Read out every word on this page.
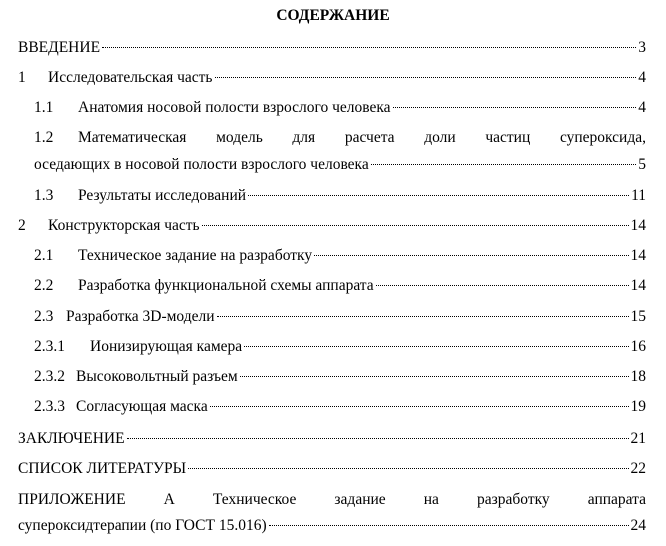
СОДЕРЖАНИЕ
ВВЕДЕНИЕ	3
1	Исследовательская часть	4
1.1	Анатомия носовой полости взрослого человека	4
1.2 Математическая модель для расчета доли частиц супероксида,
оседающих в носовой полости взрослого человека	5
1.3	Результаты исследований	11
2	Конструкторская часть	14
2.1	Техническое задание на разработку	14
2.2	Разработка функциональной схемы аппарата	14
2.3 Разработка 3D-модели	15
2.3.1	Ионизирующая камера	16
2.3.2 Высоковольтный разъем	18
2.3.3 Согласующая маска	19
ЗАКЛЮЧЕНИЕ	21
СПИСОК ЛИТЕРАТУРЫ	22
ПРИЛОЖЕНИЕ А Техническое задание на разработку аппарата
супероксидтерапии (по ГОСТ 15.016)	24
